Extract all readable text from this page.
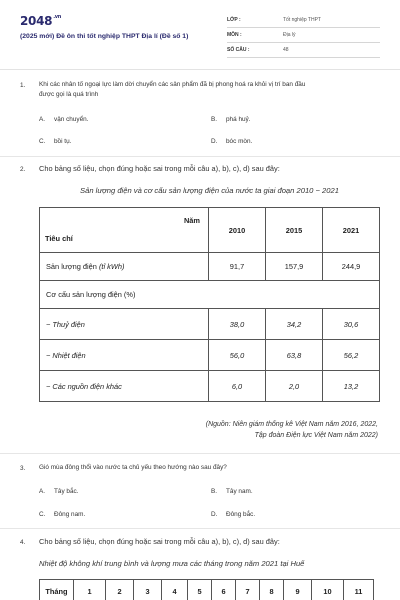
$2048^{.vn}$
(2025 mới) Đề ôn thi tốt nghiệp THPT Địa lí (Đề số 1)
LỚP :	Tốt nghiệp THPT
MÔN :	Địa lý
SỐ CÂU :	48
1. Khi các nhân tố ngoại lực làm dời chuyển các sản phẩm đã bị phong hoá ra khỏi vị trí ban đầu
được gọi là quá trình
A. vận chuyển.	B. phá huỷ.
C. bồi tụ.	D. bóc mòn.
2. Cho bảng số liệu, chọn đúng hoặc sai trong mỗi câu a), b), c), d) sau đây:
Sản lượng điện và cơ cấu sản lượng điện của nước ta giai đoạn 2010 − 2021
Năm
Tiêu chí	2010	2015	2021
Sản lượng điện (tỉ kWh)	91,7	157,9	244,9
Cơ cấu sản lượng điện (%)			
− Thuỷ điện	38,0	34,2	30,6
− Nhiệt điện	56,0	63,8	56,2
− Các nguồn điện khác	6,0	2,0	13,2
(Nguồn: Niên giám thống kê Việt Nam năm 2016, 2022,
Tập đoàn Điện lực Việt Nam năm 2022)
3. Gió mùa đông thổi vào nước ta chủ yếu theo hướng nào sau đây?
A. Tây bắc.	B. Tây nam.
C. Đông nam.	D. Đông bắc.
4. Cho bảng số liệu, chọn đúng hoặc sai trong mỗi câu a), b), c), d) sau đây:
Nhiệt độ không khí trung bình và lượng mưa các tháng trong năm 2021 tại Huế
Tháng	1	2	3	4	5	6	7	8	9	10	11
